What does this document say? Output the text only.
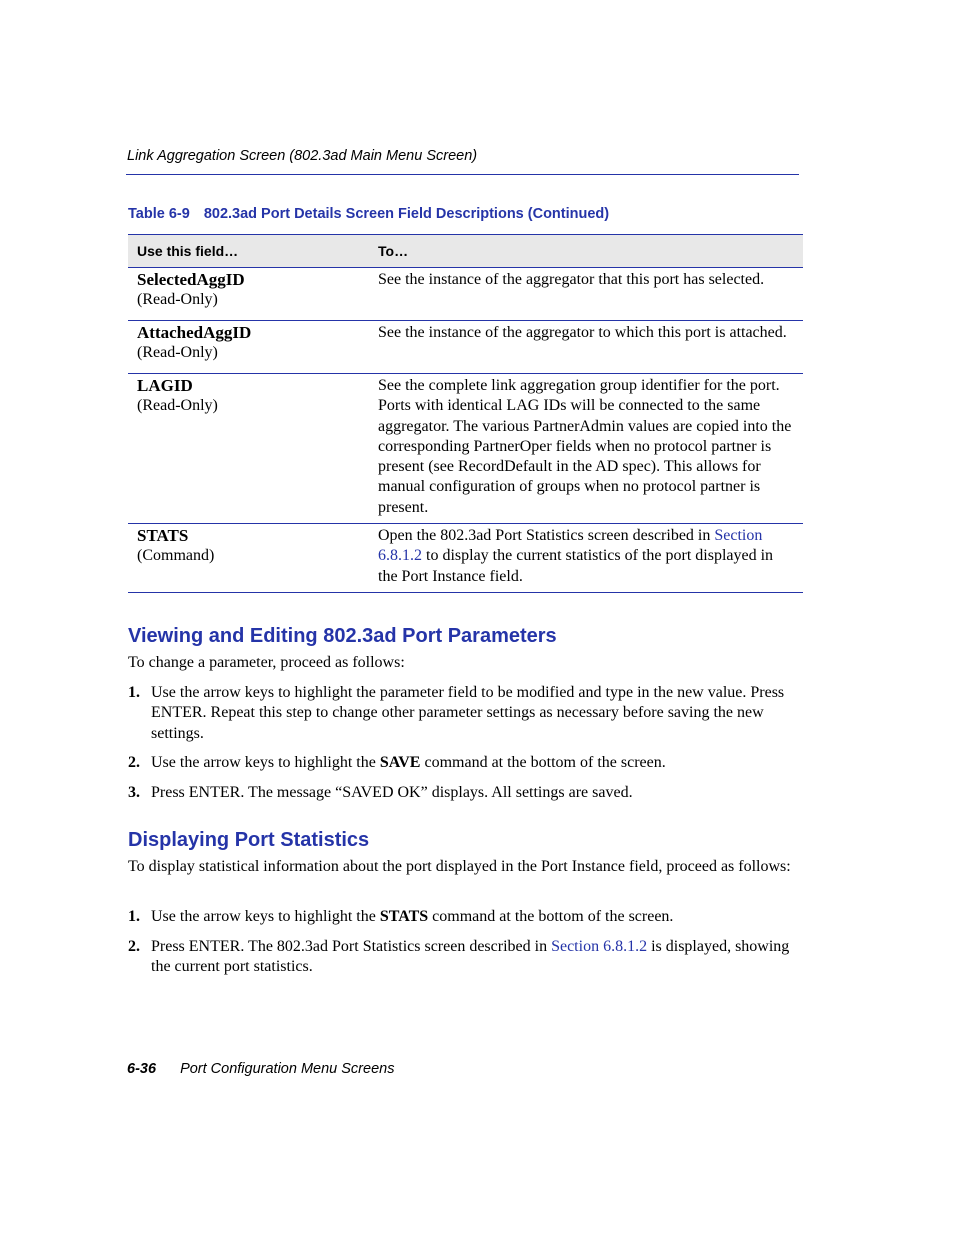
Link Aggregation Screen (802.3ad Main Menu Screen)
Table 6-9 802.3ad Port Details Screen Field Descriptions (Continued)
Use this field…	To…

SelectedAggID
(Read-Only)	See the instance of the aggregator that this port has selected.

AttachedAggID
(Read-Only)	See the instance of the aggregator to which this port is attached.

LAGID
(Read-Only)	See the complete link aggregation group identifier for the port. Ports with identical LAG IDs will be connected to the same aggregator. The various PartnerAdmin values are copied into the corresponding PartnerOper fields when no protocol partner is present (see RecordDefault in the AD spec). This allows for manual configuration of groups when no protocol partner is present.

STATS
(Command)	Open the 802.3ad Port Statistics screen described in Section 6.8.1.2 to display the current statistics of the port displayed in the Port Instance field.
Viewing and Editing 802.3ad Port Parameters

To change a parameter, proceed as follows:

1. Use the arrow keys to highlight the parameter field to be modified and type in the new value. Press ENTER. Repeat this step to change other parameter settings as necessary before saving the new settings.
2. Use the arrow keys to highlight the SAVE command at the bottom of the screen.
3. Press ENTER. The message “SAVED OK” displays. All settings are saved.
Displaying Port Statistics

To display statistical information about the port displayed in the Port Instance field, proceed as follows:

1. Use the arrow keys to highlight the STATS command at the bottom of the screen.
2. Press ENTER. The 802.3ad Port Statistics screen described in Section 6.8.1.2 is displayed, showing the current port statistics.
6-36 Port Configuration Menu Screens
